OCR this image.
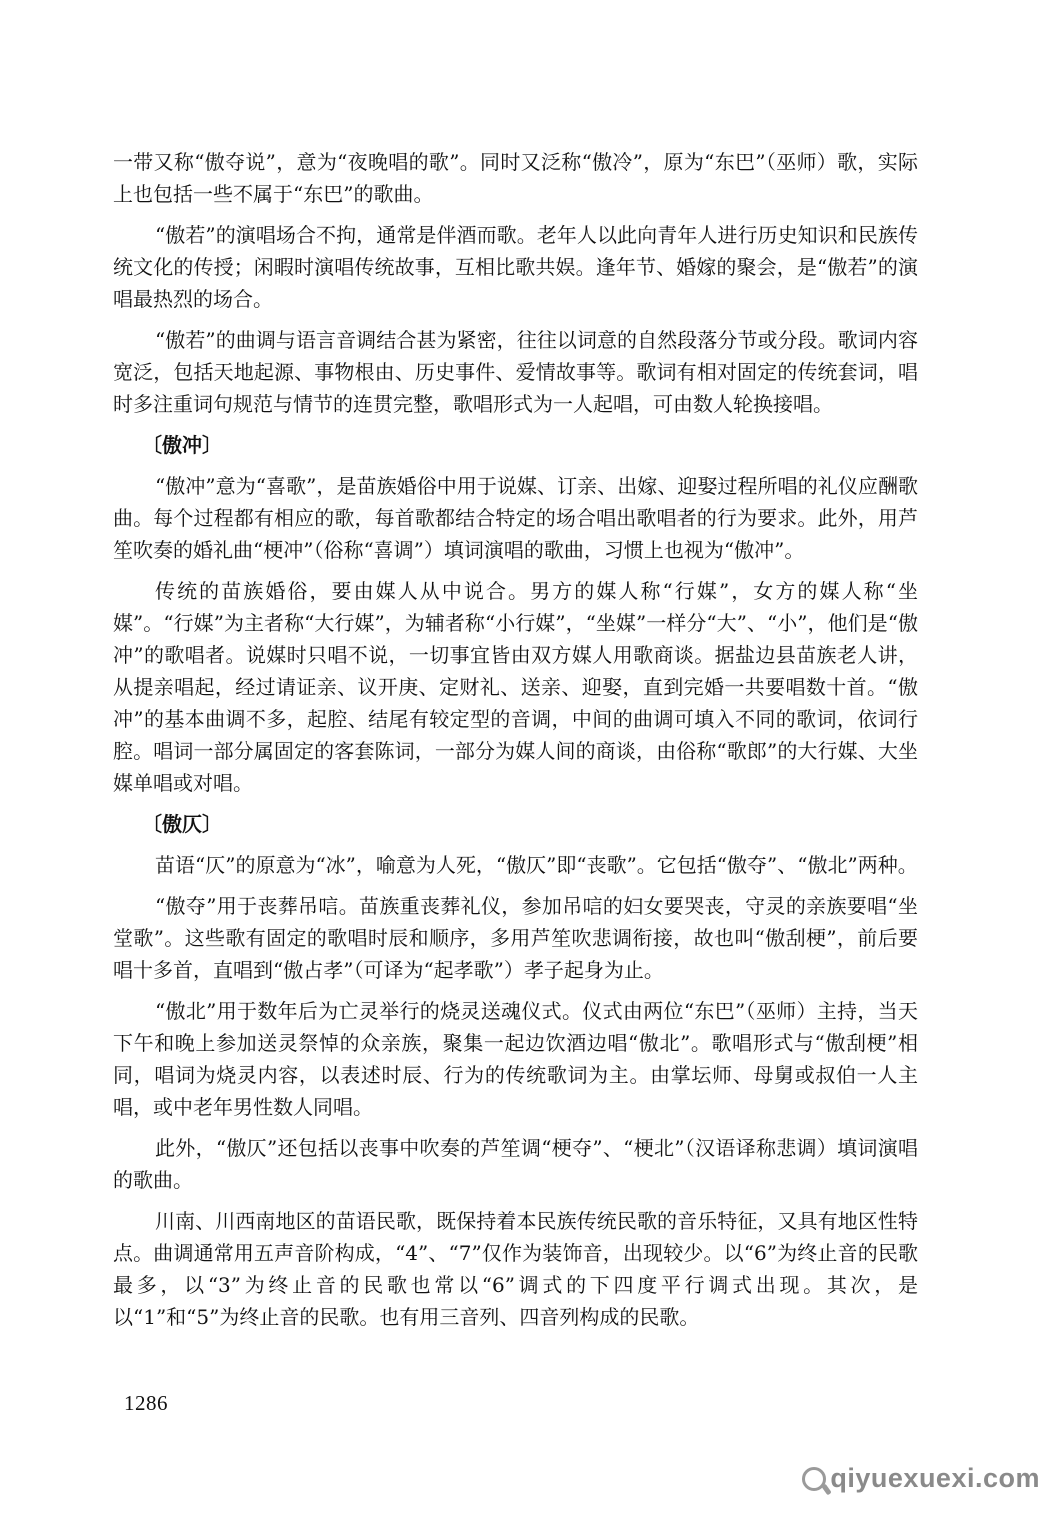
一带又称“傲夺说”，意为“夜晚唱的歌”。同时又泛称“傲冷”，原为“东巴”（巫师）歌，实际上也包括一些不属于“东巴”的歌曲。

“傲若”的演唱场合不拘，通常是伴酒而歌。老年人以此向青年人进行历史知识和民族传统文化的传授；闲暇时演唱传统故事，互相比歌共娱。逢年节、婚嫁的聚会，是“傲若”的演唱最热烈的场合。

“傲若”的曲调与语言音调结合甚为紧密，往往以词意的自然段落分节或分段。歌词内容宽泛，包括天地起源、事物根由、历史事件、爱情故事等。歌词有相对固定的传统套词，唱时多注重词句规范与情节的连贯完整，歌唱形式为一人起唱，可由数人轮换接唱。

〔傲冲〕

“傲冲”意为“喜歌”，是苗族婚俗中用于说媒、订亲、出嫁、迎娶过程所唱的礼仪应酬歌曲。每个过程都有相应的歌，每首歌都结合特定的场合唱出歌唱者的行为要求。此外，用芦笙吹奏的婚礼曲“梗冲”（俗称“喜调”）填词演唱的歌曲，习惯上也视为“傲冲”。

传统的苗族婚俗，要由媒人从中说合。男方的媒人称“行媒”，女方的媒人称“坐媒”。“行媒”为主者称“大行媒”，为辅者称“小行媒”，“坐媒”一样分“大”、“小”，他们是“傲冲”的歌唱者。说媒时只唱不说，一切事宜皆由双方媒人用歌商谈。据盐边县苗族老人讲，从提亲唱起，经过请证亲、议开庚、定财礼、送亲、迎娶，直到完婚一共要唱数十首。“傲冲”的基本曲调不多，起腔、结尾有较定型的音调，中间的曲调可填入不同的歌词，依词行腔。唱词一部分属固定的客套陈词，一部分为媒人间的商谈，由俗称“歌郎”的大行媒、大坐媒单唱或对唱。

〔傲仄〕

苗语“仄”的原意为“冰”，喻意为人死，“傲仄”即“丧歌”。它包括“傲夺”、“傲北”两种。

“傲夺”用于丧葬吊唁。苗族重丧葬礼仪，参加吊唁的妇女要哭丧，守灵的亲族要唱“坐堂歌”。这些歌有固定的歌唱时辰和顺序，多用芦笙吹悲调衔接，故也叫“傲刮梗”，前后要唱十多首，直唱到“傲占孝”（可译为“起孝歌”）孝子起身为止。

“傲北”用于数年后为亡灵举行的烧灵送魂仪式。仪式由两位“东巴”（巫师）主持，当天下午和晚上参加送灵祭悼的众亲族，聚集一起边饮酒边唱“傲北”。歌唱形式与“傲刮梗”相同，唱词为烧灵内容，以表述时辰、行为的传统歌词为主。由掌坛师、母舅或叔伯一人主唱，或中老年男性数人同唱。

此外，“傲仄”还包括以丧事中吹奏的芦笙调“梗夺”、“梗北”（汉语译称悲调）填词演唱的歌曲。

川南、川西南地区的苗语民歌，既保持着本民族传统民歌的音乐特征，又具有地区性特点。曲调通常用五声音阶构成，“4”、“7”仅作为装饰音，出现较少。以“6”为终止音的民歌最多，以“3”为终止音的民歌也常以“6”调式的下四度平行调式出现。其次，是以“1”和“5”为终止音的民歌。也有用三音列、四音列构成的民歌。

1286
qiyuexuexi.com
